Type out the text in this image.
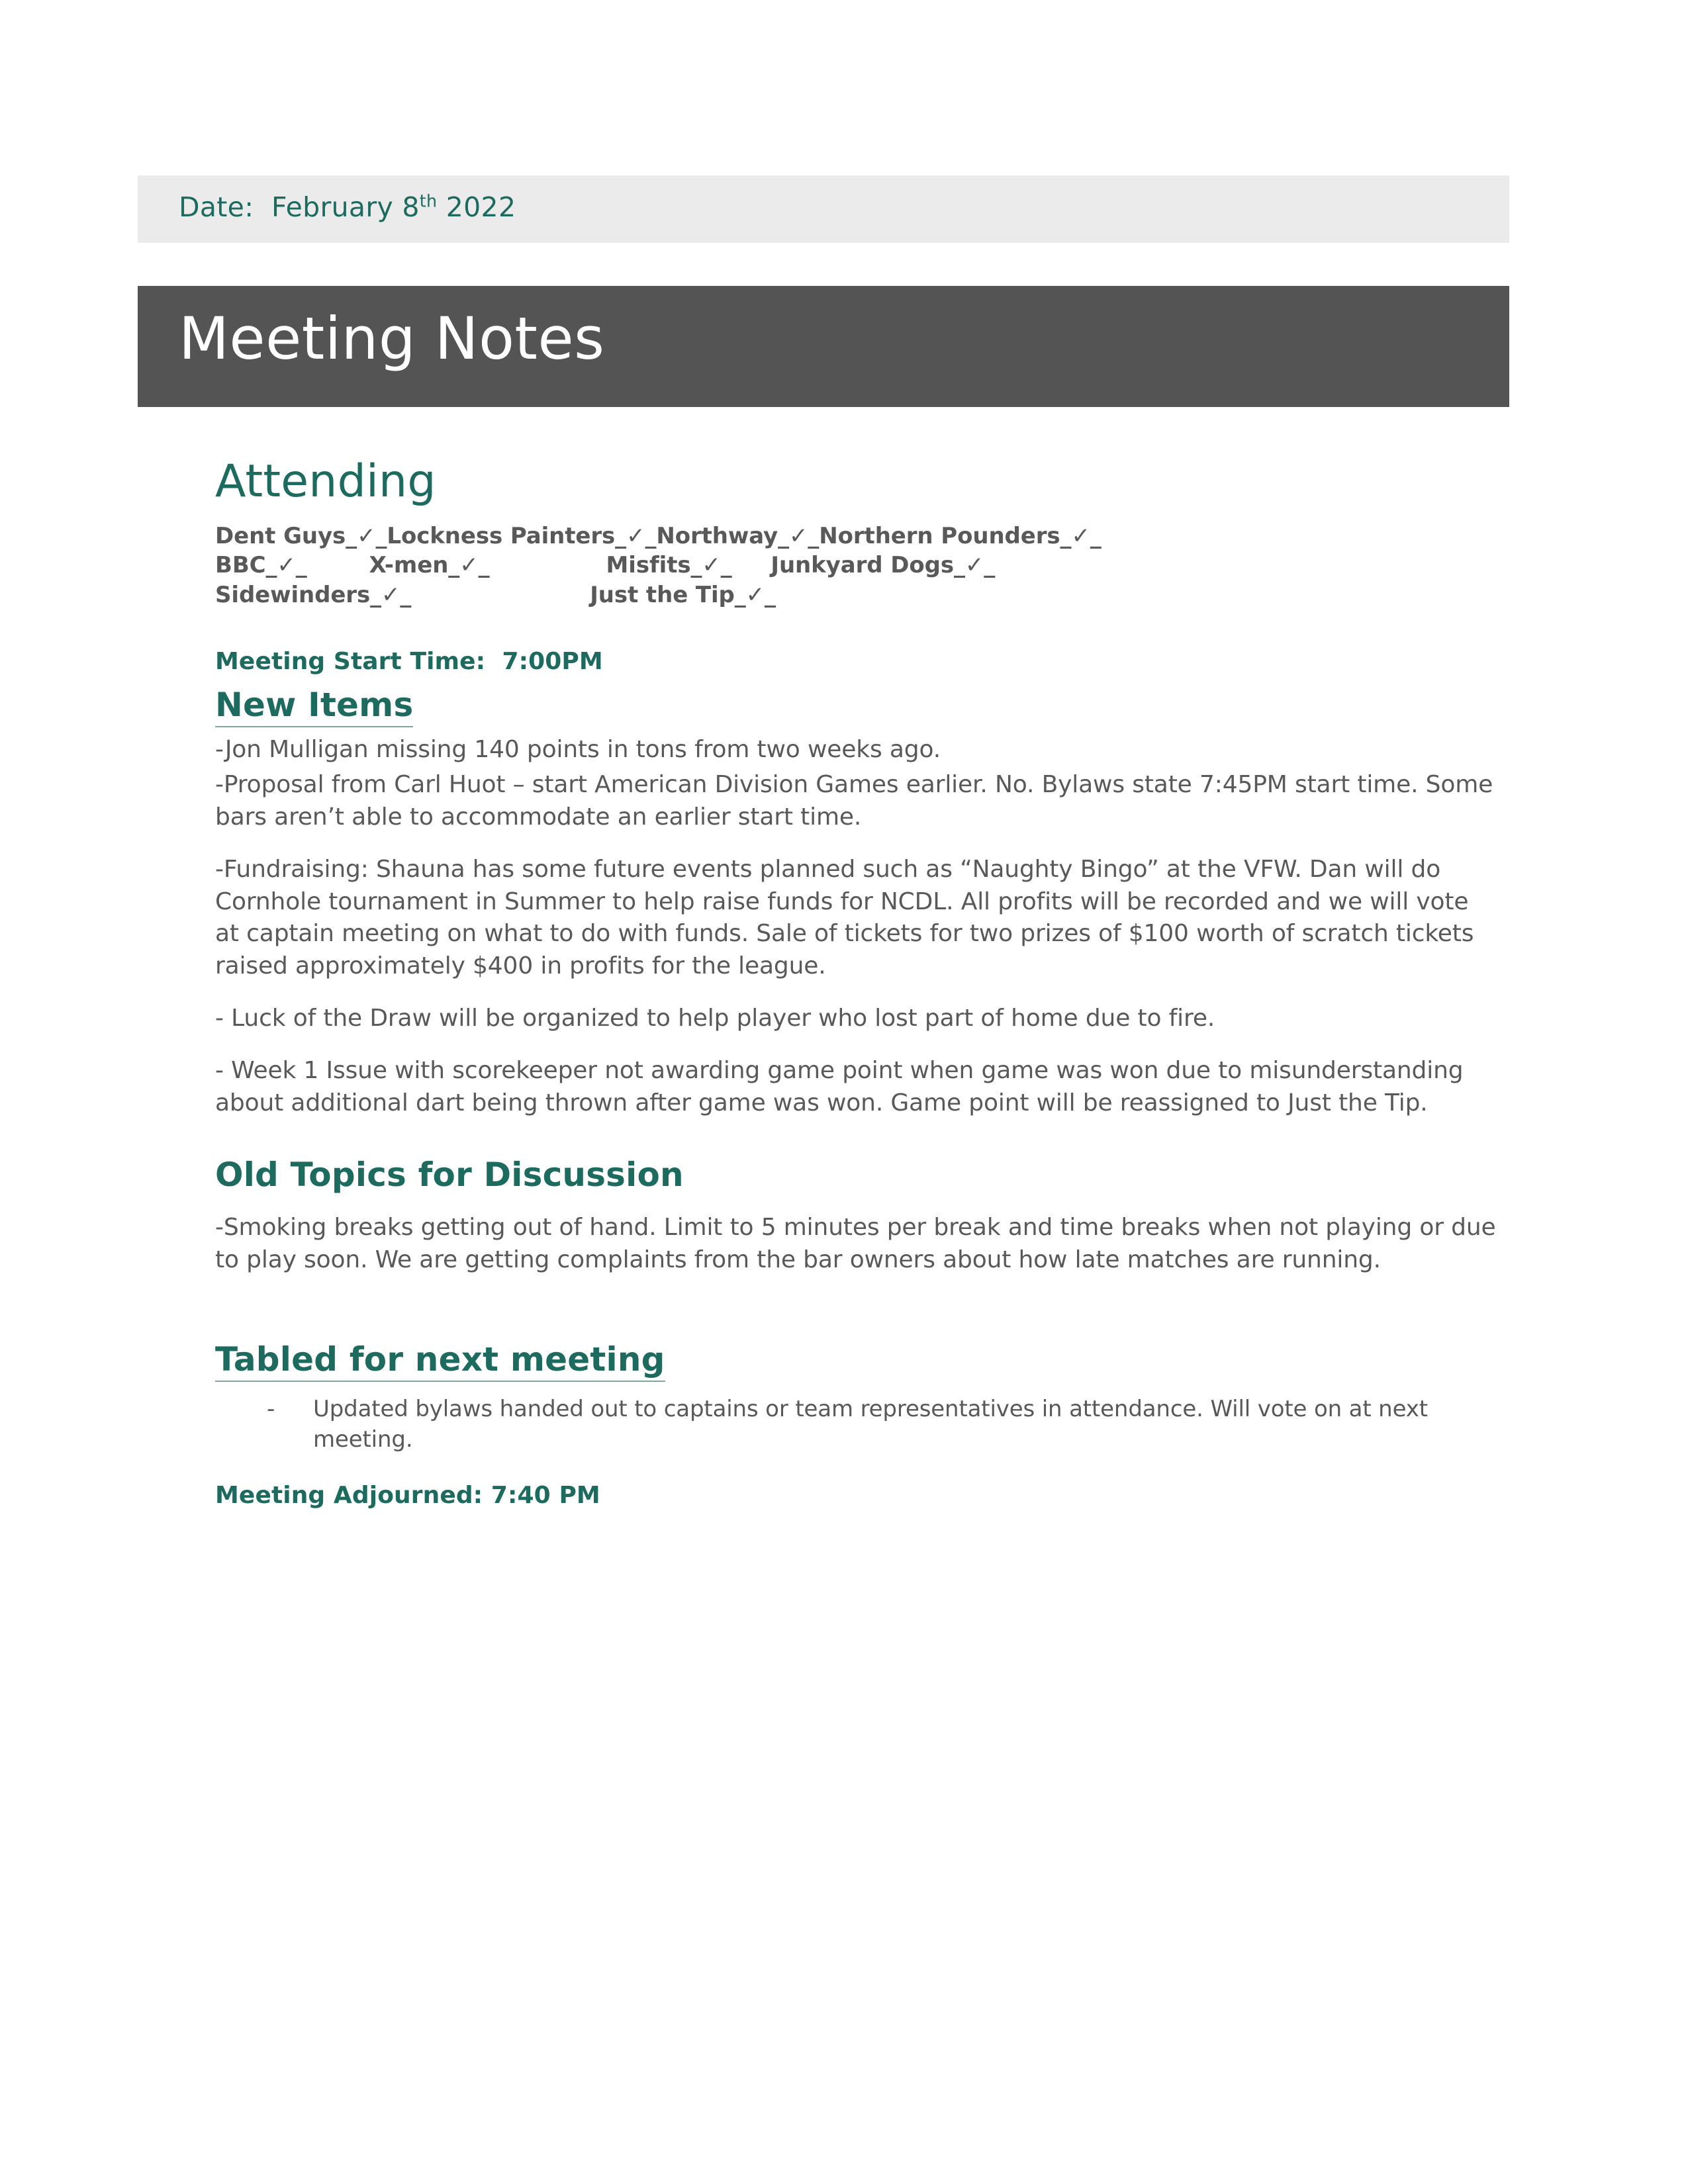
Date:  February 8th 2022
Meeting Notes
Attending
Dent Guys_✓_Lockness Painters_✓_Northway_✓_Northern Pounders_✓_
BBC_✓_        X-men_✓_               Misfits_✓_     Junkyard Dogs_✓_
Sidewinders_✓_                       Just the Tip_✓_
Meeting Start Time:  7:00PM
New Items

-Jon Mulligan missing 140 points in tons from two weeks ago.

-Proposal from Carl Huot – start American Division Games earlier. No. Bylaws state 7:45PM start time. Some bars aren’t able to accommodate an earlier start time.

-Fundraising: Shauna has some future events planned such as “Naughty Bingo” at the VFW. Dan will do Cornhole tournament in Summer to help raise funds for NCDL. All profits will be recorded and we will vote at captain meeting on what to do with funds. Sale of tickets for two prizes of $100 worth of scratch tickets raised approximately $400 in profits for the league.

- Luck of the Draw will be organized to help player who lost part of home due to fire.

- Week 1 Issue with scorekeeper not awarding game point when game was won due to misunderstanding about additional dart being thrown after game was won. Game point will be reassigned to Just the Tip.

Old Topics for Discussion

-Smoking breaks getting out of hand. Limit to 5 minutes per break and time breaks when not playing or due to play soon. We are getting complaints from the bar owners about how late matches are running.

Tabled for next meeting
- Updated bylaws handed out to captains or team representatives in attendance. Will vote on at next meeting.
Meeting Adjourned: 7:40 PM
